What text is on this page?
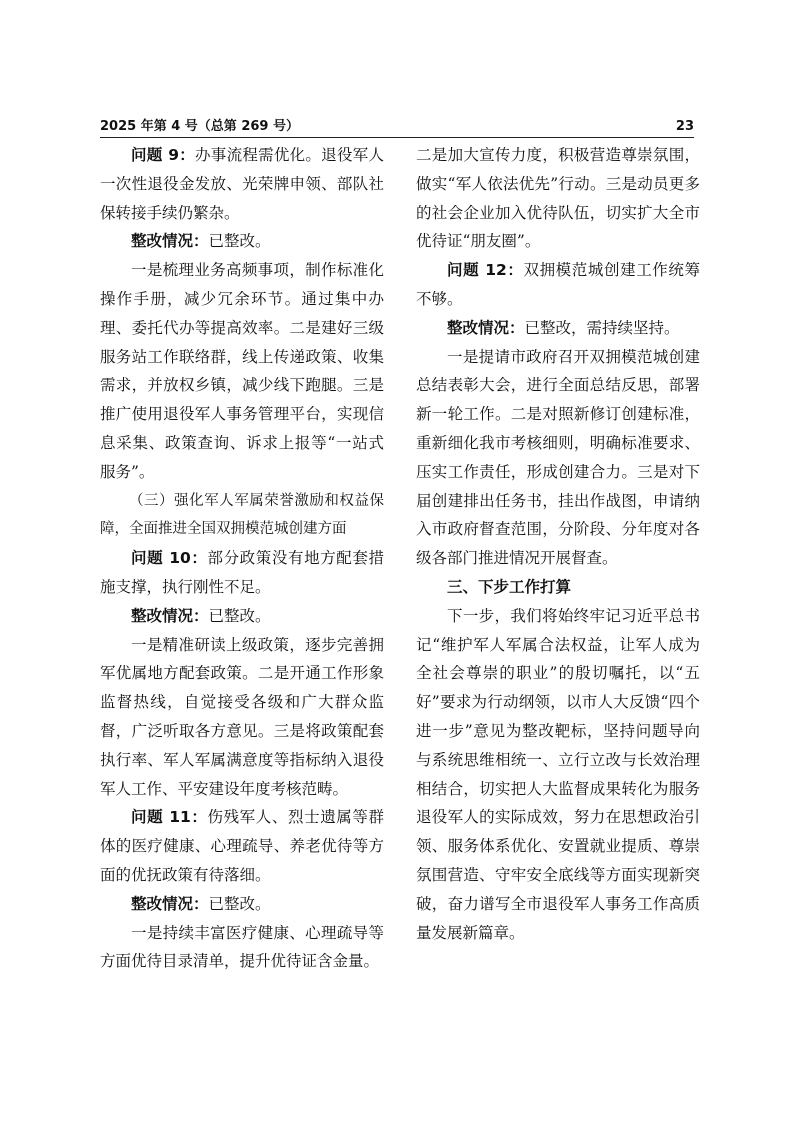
2025 年第 4 号（总第 269 号）	23

问题 9：办事流程需优化。退役军人一次性退役金发放、光荣牌申领、部队社保转接手续仍繁杂。

整改情况：已整改。

一是梳理业务高频事项，制作标准化操作手册，减少冗余环节。通过集中办理、委托代办等提高效率。二是建好三级服务站工作联络群，线上传递政策、收集需求，并放权乡镇，减少线下跑腿。三是推广使用退役军人事务管理平台，实现信息采集、政策查询、诉求上报等“一站式服务”。

（三）强化军人军属荣誉激励和权益保障，全面推进全国双拥模范城创建方面

问题 10：部分政策没有地方配套措施支撑，执行刚性不足。

整改情况：已整改。

一是精准研读上级政策，逐步完善拥军优属地方配套政策。二是开通工作形象监督热线，自觉接受各级和广大群众监督，广泛听取各方意见。三是将政策配套执行率、军人军属满意度等指标纳入退役军人工作、平安建设年度考核范畴。

问题 11：伤残军人、烈士遗属等群体的医疗健康、心理疏导、养老优待等方面的优抚政策有待落细。

整改情况：已整改。

一是持续丰富医疗健康、心理疏导等方面优待目录清单，提升优待证含金量。

二是加大宣传力度，积极营造尊崇氛围，做实“军人依法优先”行动。三是动员更多的社会企业加入优待队伍，切实扩大全市优待证“朋友圈”。

问题 12：双拥模范城创建工作统筹不够。

整改情况：已整改，需持续坚持。

一是提请市政府召开双拥模范城创建总结表彰大会，进行全面总结反思，部署新一轮工作。二是对照新修订创建标准，重新细化我市考核细则，明确标准要求、压实工作责任，形成创建合力。三是对下届创建排出任务书，挂出作战图，申请纳入市政府督查范围，分阶段、分年度对各级各部门推进情况开展督查。

三、下步工作打算

下一步，我们将始终牢记习近平总书记“维护军人军属合法权益，让军人成为全社会尊崇的职业”的殷切嘱托，以“五好”要求为行动纲领，以市人大反馈“四个进一步”意见为整改靶标，坚持问题导向与系统思维相统一、立行立改与长效治理相结合，切实把人大监督成果转化为服务退役军人的实际成效，努力在思想政治引领、服务体系优化、安置就业提质、尊崇氛围营造、守牢安全底线等方面实现新突破，奋力谱写全市退役军人事务工作高质量发展新篇章。
